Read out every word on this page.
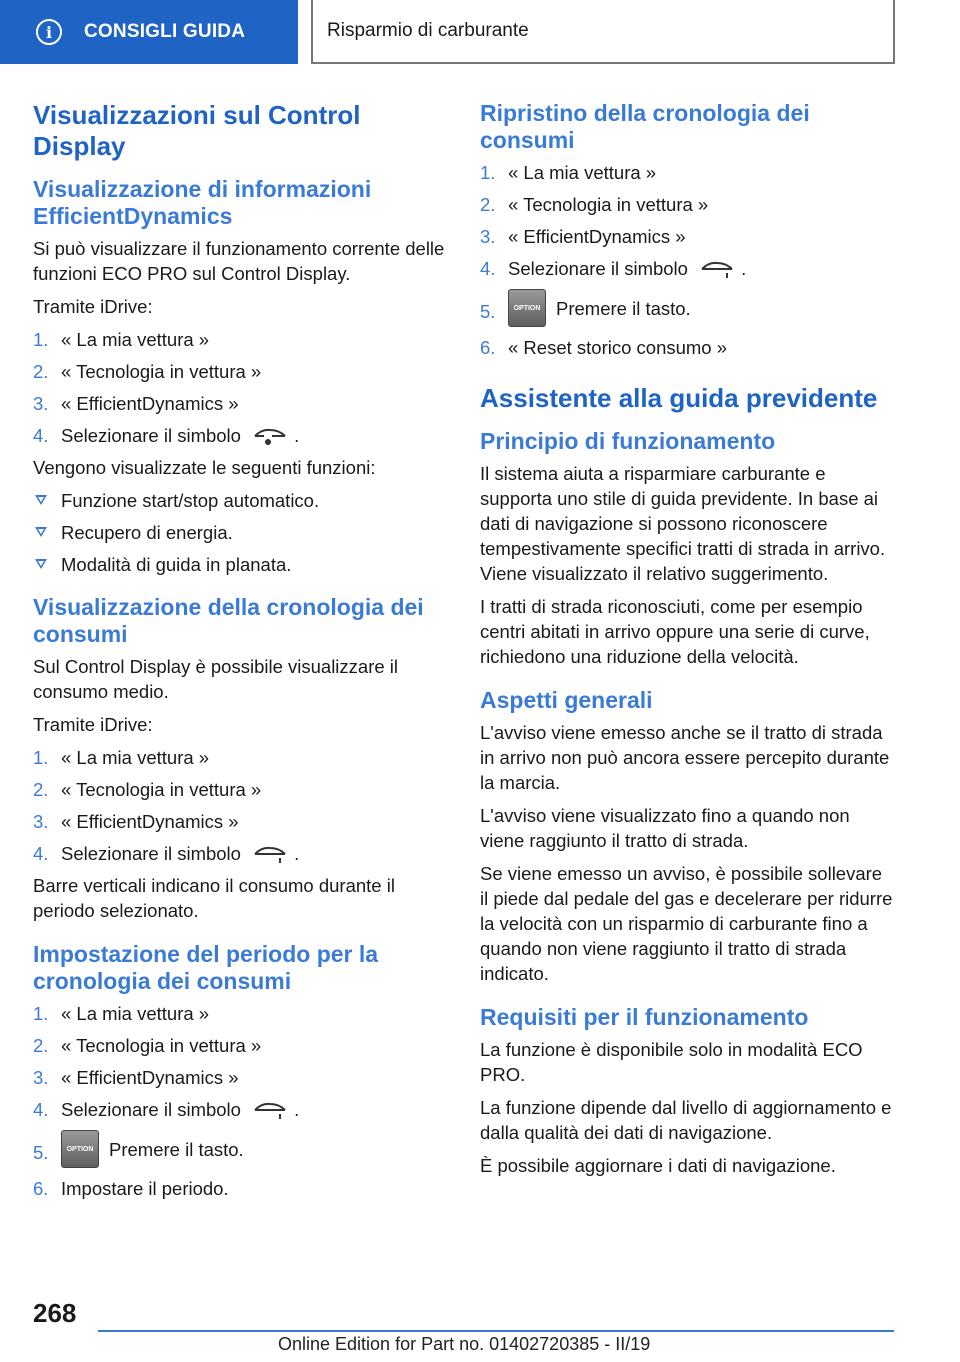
i	CONSIGLI GUIDA	Risparmio di carburante
Visualizzazioni sul Control Display
Visualizzazione di informazioni EfficientDynamics

Si può visualizzare il funzionamento corrente delle funzioni ECO PRO sul Control Display.

Tramite iDrive:

1. « La mia vettura »
2. « Tecnologia in vettura »
3. « EfficientDynamics »
4. Selezionare il simbolo	.

Vengono visualizzate le seguenti funzioni:

Funzione start/stop automatico.
Recupero di energia.
Modalità di guida in planata.
Visualizzazione della cronologia dei consumi

Sul Control Display è possibile visualizzare il consumo medio.

Tramite iDrive:

1. « La mia vettura »
2. « Tecnologia in vettura »
3. « EfficientDynamics »
4. Selezionare il simbolo	.

Barre verticali indicano il consumo durante il periodo selezionato.

Impostazione del periodo per la cronologia dei consumi
1. « La mia vettura »
2. « Tecnologia in vettura »
3. « EfficientDynamics »
4. Selezionare il simbolo	.
5.	OPTION Premere il tasto.
6. Impostare il periodo.
Ripristino della cronologia dei consumi
1. « La mia vettura »
2. « Tecnologia in vettura »
3. « EfficientDynamics »
4. Selezionare il simbolo	.
5.	OPTION Premere il tasto.
6. « Reset storico consumo »
Assistente alla guida previdente
Principio di funzionamento

Il sistema aiuta a risparmiare carburante e supporta uno stile di guida previdente. In base ai dati di navigazione si possono riconoscere tempestivamente specifici tratti di strada in arrivo. Viene visualizzato il relativo suggerimento.

I tratti di strada riconosciuti, come per esempio centri abitati in arrivo oppure una serie di curve, richiedono una riduzione della velocità.

Aspetti generali

L'avviso viene emesso anche se il tratto di strada in arrivo non può ancora essere percepito durante la marcia.

L'avviso viene visualizzato fino a quando non viene raggiunto il tratto di strada.

Se viene emesso un avviso, è possibile sollevare il piede dal pedale del gas e decelerare per ridurre la velocità con un risparmio di carburante fino a quando non viene raggiunto il tratto di strada indicato.

Requisiti per il funzionamento

La funzione è disponibile solo in modalità ECO PRO.

La funzione dipende dal livello di aggiornamento e dalla qualità dei dati di navigazione.

È possibile aggiornare i dati di navigazione.

268
Online Edition for Part no. 01402720385 - II/19
